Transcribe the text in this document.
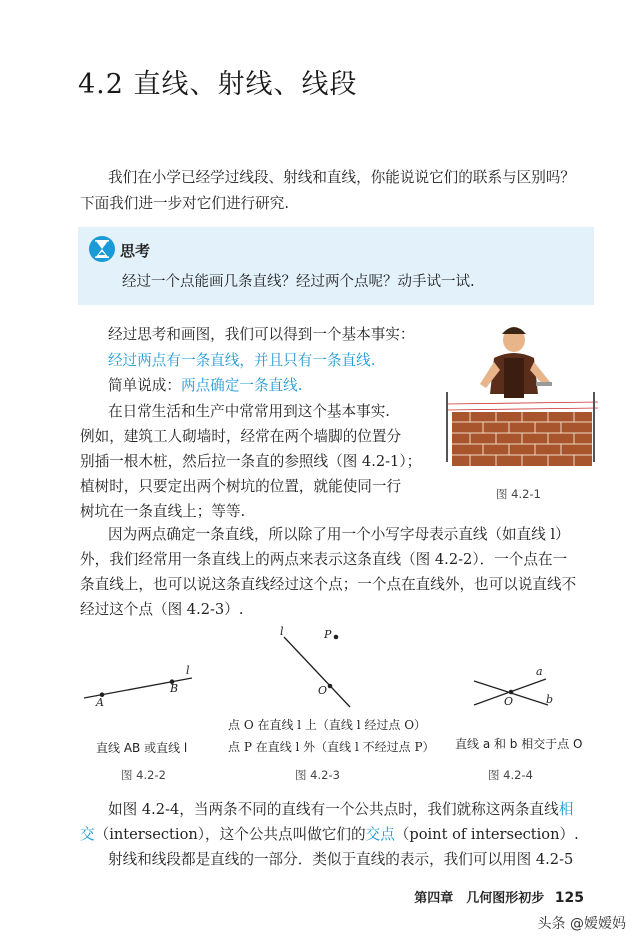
4.2 直线、射线、线段
我们在小学已经学过线段、射线和直线，你能说说它们的联系与区别吗？
下面我们进一步对它们进行研究.
思考
经过一个点能画几条直线？经过两个点呢？动手试一试.
经过思考和画图，我们可以得到一个基本事实：
经过两点有一条直线，并且只有一条直线.
简单说成：两点确定一条直线.
在日常生活和生产中常常用到这个基本事实.
例如，建筑工人砌墙时，经常在两个墙脚的位置分
别插一根木桩，然后拉一条直的参照线（图 4.2-1）；
植树时，只要定出两个树坑的位置，就能使同一行
树坑在一条直线上；等等.
图 4.2-1
因为两点确定一条直线，所以除了用一个小写字母表示直线（如直线 l）
外，我们经常用一条直线上的两点来表示这条直线（图 4.2-2）．一个点在一
条直线上，也可以说这条直线经过这个点；一个点在直线外，也可以说直线不
经过这个点（图 4.2-3）.
A
B
l
直线 AB 或直线 l
图 4.2-2
l	P
O
点 O 在直线 l 上（直线 l 经过点 O）
点 P 在直线 l 外（直线 l 不经过点 P）
图 4.2-3
a
b
O
直线 a 和 b 相交于点 O
图 4.2-4
如图 4.2-4，当两条不同的直线有一个公共点时，我们就称这两条直线相
交（intersection），这个公共点叫做它们的交点（point of intersection）.
射线和线段都是直线的一部分．类似于直线的表示，我们可以用图 4.2-5
第四章　几何图形初步 125
头条 @嫒嫒妈
